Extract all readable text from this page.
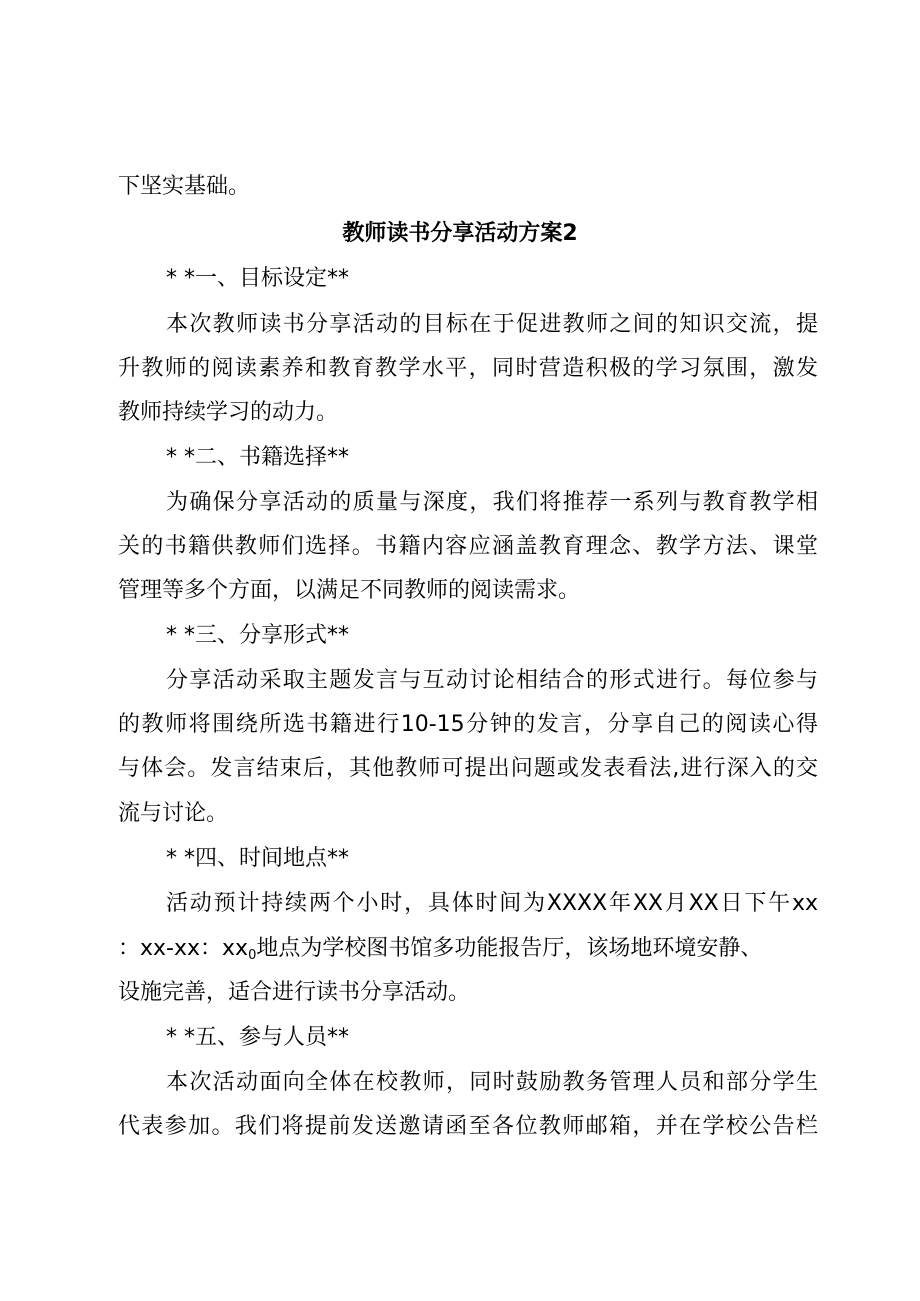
下坚实基础。
教师读书分享活动方案2
* *一、目标设定**
本次教师读书分享活动的目标在于促进教师之间的知识交流，提
升教师的阅读素养和教育教学水平，同时营造积极的学习氛围，激发
教师持续学习的动力。
* *二、书籍选择**
为确保分享活动的质量与深度，我们将推荐一系列与教育教学相
关的书籍供教师们选择。书籍内容应涵盖教育理念、教学方法、课堂
管理等多个方面，以满足不同教师的阅读需求。
* *三、分享形式**
分享活动采取主题发言与互动讨论相结合的形式进行。每位参与
的教师将围绕所选书籍进行10-15分钟的发言，分享自己的阅读心得
与体会。发言结束后，其他教师可提出问题或发表看法,进行深入的交
流与讨论。
* *四、时间地点**
活动预计持续两个小时，具体时间为XXXX年XX月XX日下午xx
：xx-xx：$xx_0$地点为学校图书馆多功能报告厅，该场地环境安静、
设施完善，适合进行读书分享活动。
* *五、参与人员**
本次活动面向全体在校教师，同时鼓励教务管理人员和部分学生
代表参加。我们将提前发送邀请函至各位教师邮箱，并在学校公告栏
